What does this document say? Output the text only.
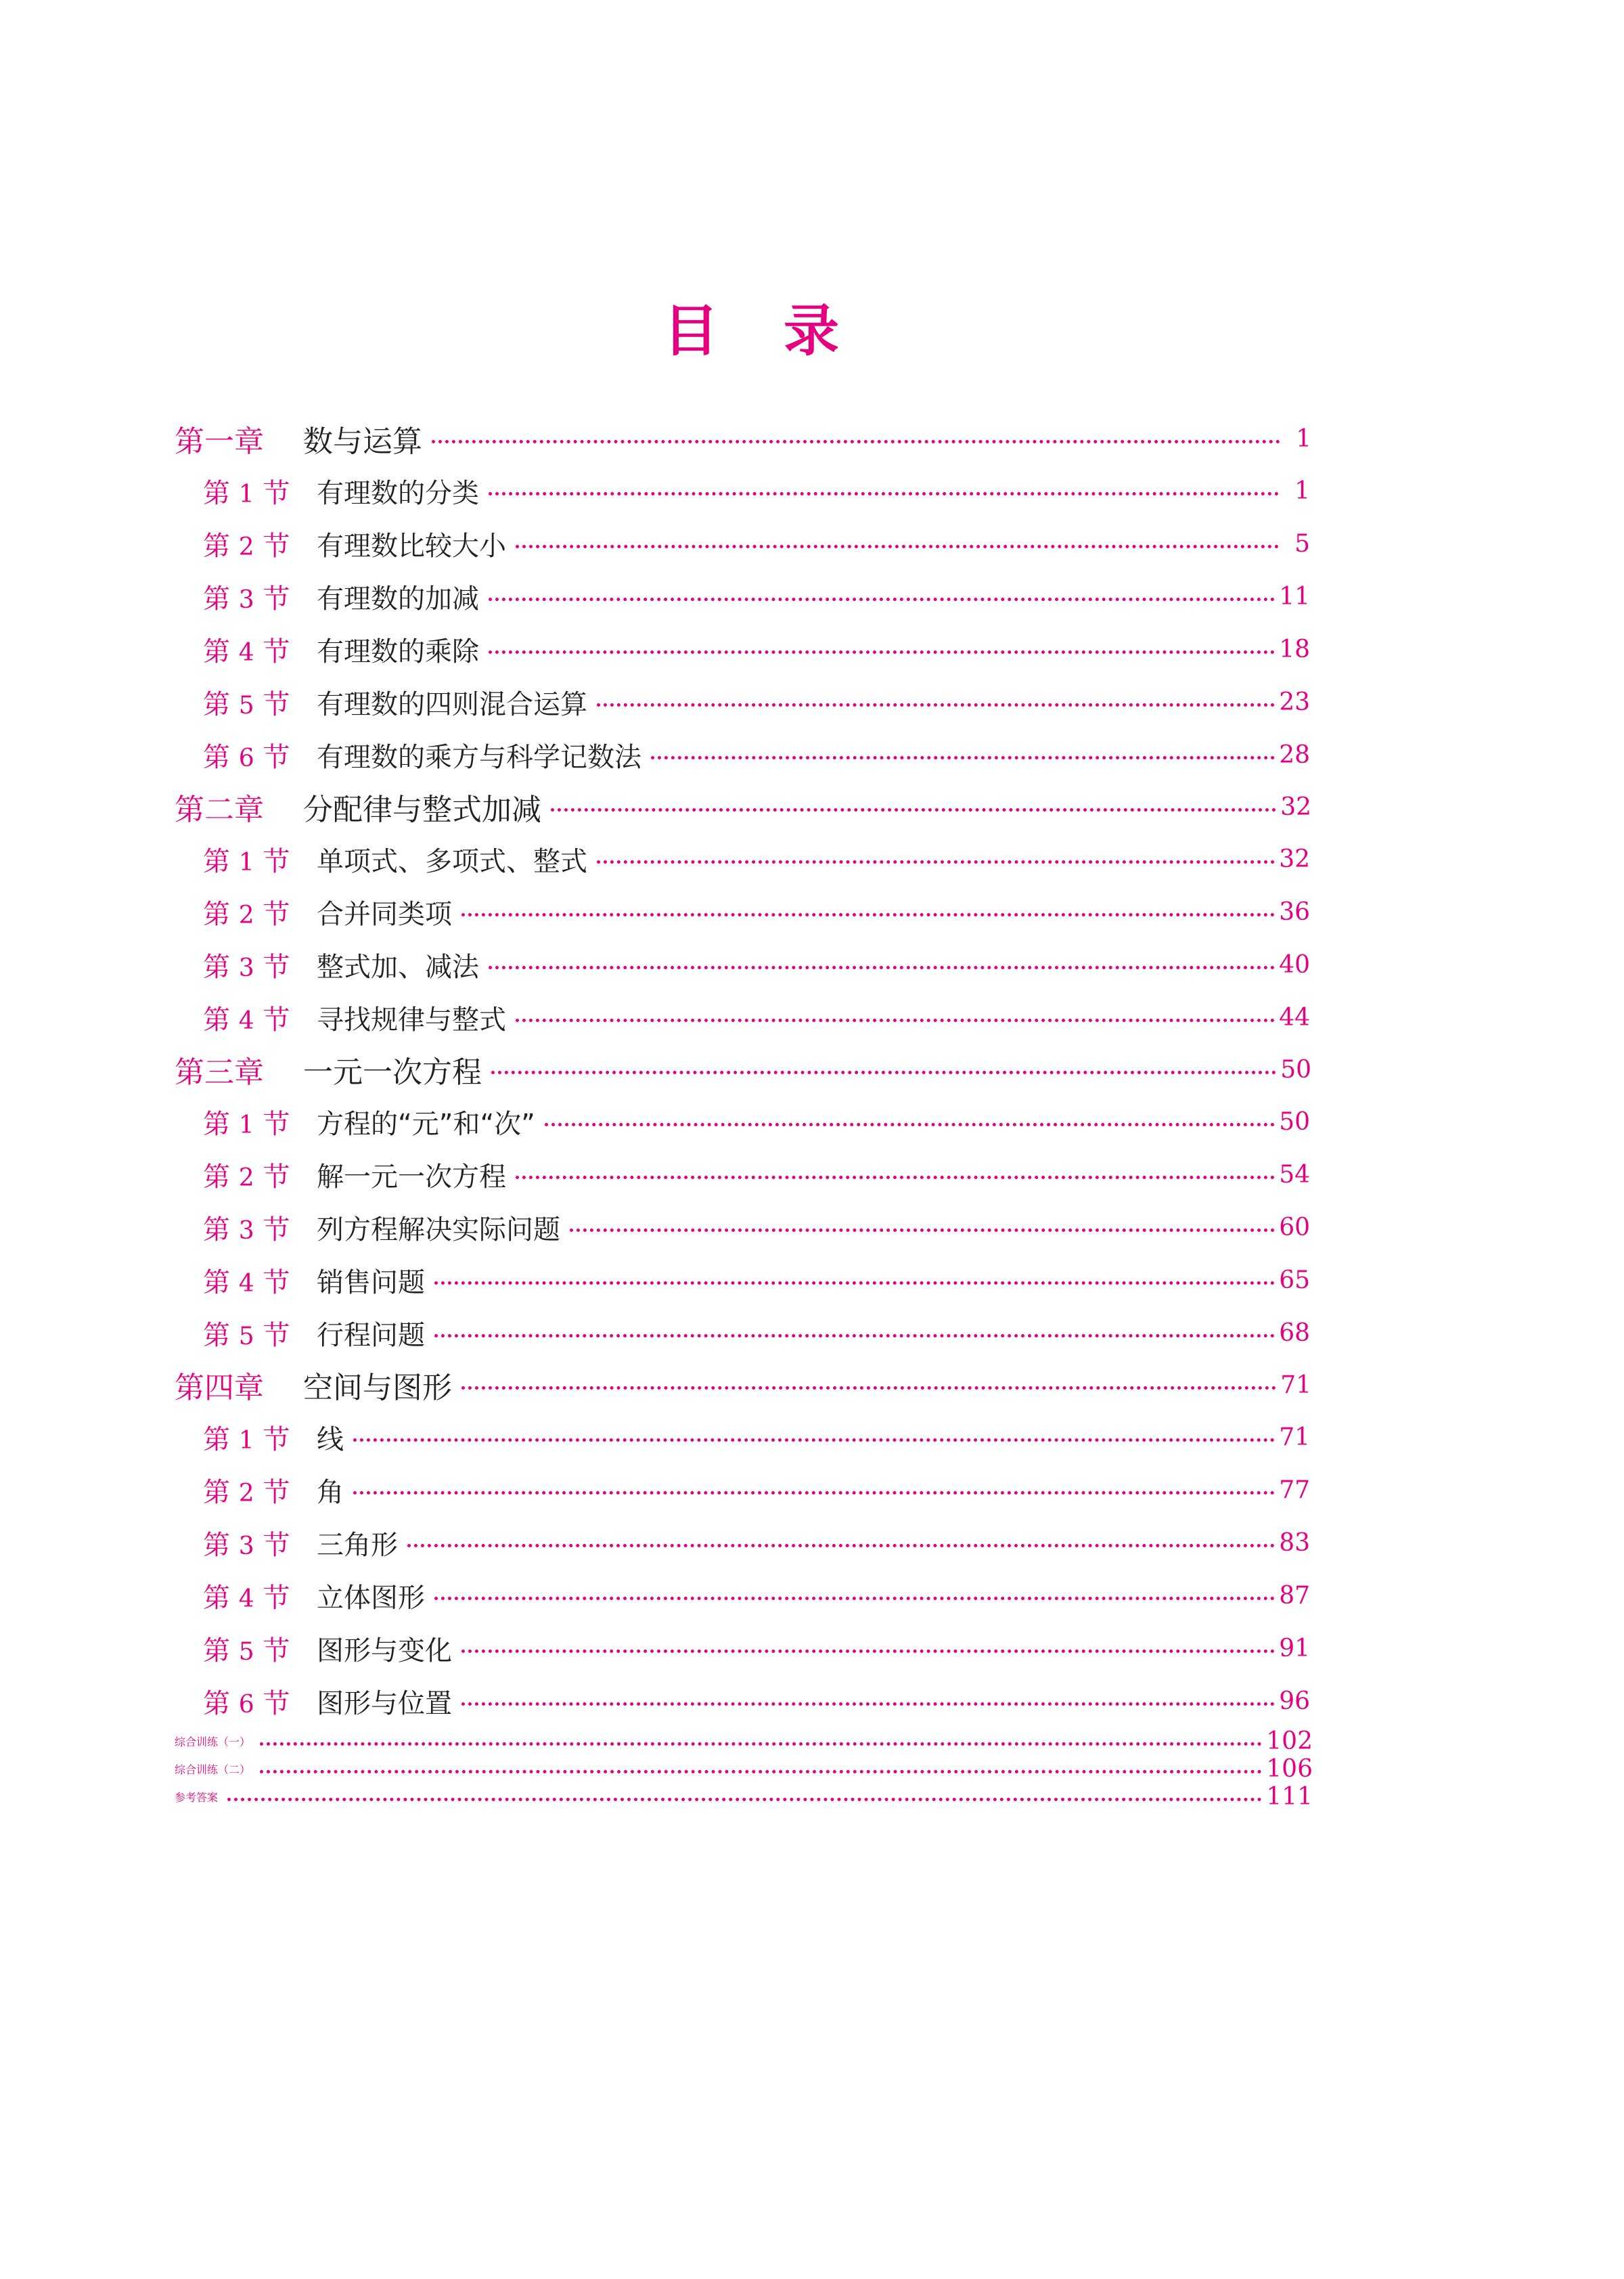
目 录
第一章	数与运算	1
第 1 节 有理数的分类	1
第 2 节 有理数比较大小	5
第 3 节 有理数的加减	11
第 4 节 有理数的乘除	18
第 5 节 有理数的四则混合运算	23
第 6 节 有理数的乘方与科学记数法	28
第二章	分配律与整式加减	32
第 1 节 单项式、多项式、整式	32
第 2 节 合并同类项	36
第 3 节 整式加、减法	40
第 4 节 寻找规律与整式	44
第三章	一元一次方程	50
第 1 节 方程的“元”和“次”	50
第 2 节 解一元一次方程	54
第 3 节 列方程解决实际问题	60
第 4 节 销售问题	65
第 5 节 行程问题	68
第四章	空间与图形	71
第 1 节 线	71
第 2 节 角	77
第 3 节 三角形	83
第 4 节 立体图形	87
第 5 节 图形与变化	91
第 6 节 图形与位置	96
综合训练（一）	102
综合训练（二）	106
参考答案	111
